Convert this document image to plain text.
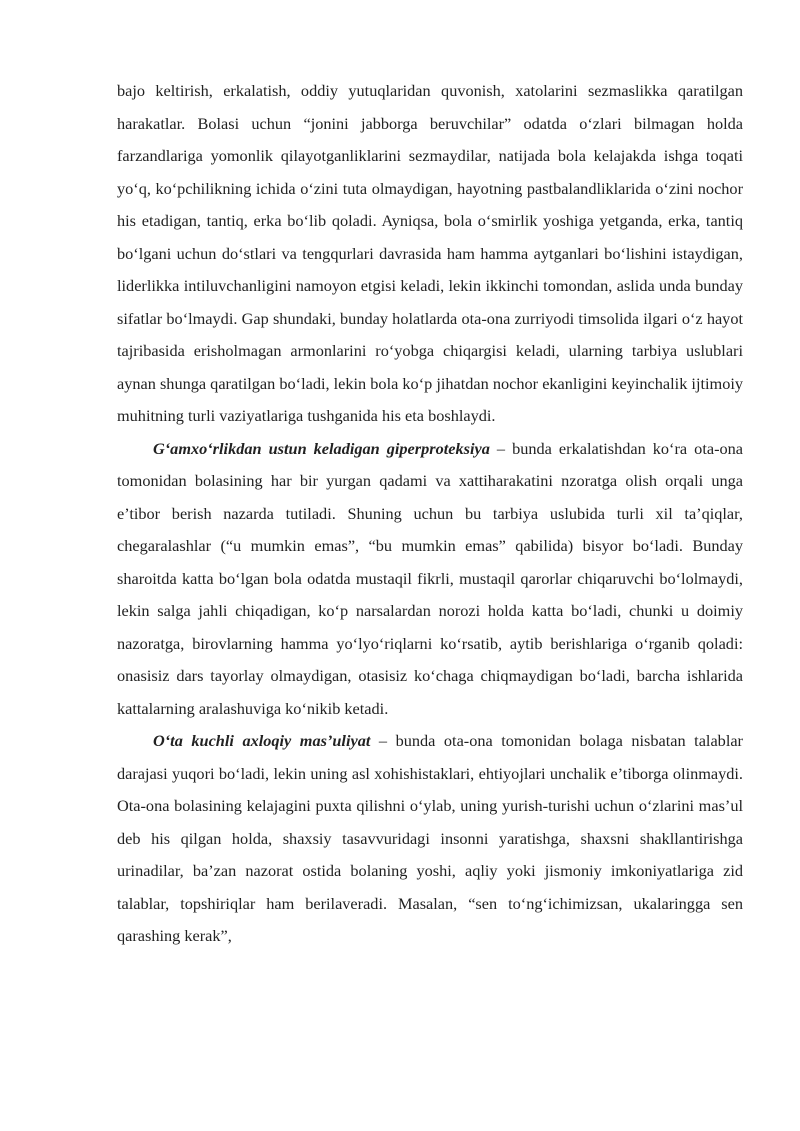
bajo keltirish, erkalatish, oddiy yutuqlaridan quvonish, xatolarini sezmaslikka qaratilgan harakatlar. Bolasi uchun “jonini jabborga beruvchilar” odatda o‘zlari bilmagan holda farzandlariga yomonlik qilayotganliklarini sezmaydilar, natijada bola kelajakda ishga toqati yo‘q, ko‘pchilikning ichida o‘zini tuta olmaydigan, hayotning pastbalandliklarida o‘zini nochor his etadigan, tantiq, erka bo‘lib qoladi. Ayniqsa, bola o‘smirlik yoshiga yetganda, erka, tantiq bo‘lgani uchun do‘stlari va tengqurlari davrasida ham hamma aytganlari bo‘lishini istaydigan, liderlikka intiluvchanligini namoyon etgisi keladi, lekin ikkinchi tomondan, aslida unda bunday sifatlar bo‘lmaydi. Gap shundaki, bunday holatlarda ota-ona zurriyodi timsolida ilgari o‘z hayot tajribasida erisholmagan armonlarini ro‘yobga chiqargisi keladi, ularning tarbiya uslublari aynan shunga qaratilgan bo‘ladi, lekin bola ko‘p jihatdan nochor ekanligini keyinchalik ijtimoiy muhitning turli vaziyatlariga tushganida his eta boshlaydi.

G‘amxo‘rlikdan ustun keladigan giperproteksiya – bunda erkalatishdan ko‘ra ota-ona tomonidan bolasining har bir yurgan qadami va xattiharakatini nzoratga olish orqali unga e’tibor berish nazarda tutiladi. Shuning uchun bu tarbiya uslubida turli xil ta’qiqlar, chegaralashlar (“u mumkin emas”, “bu mumkin emas” qabilida) bisyor bo‘ladi. Bunday sharoitda katta bo‘lgan bola odatda mustaqil fikrli, mustaqil qarorlar chiqaruvchi bo‘lolmaydi, lekin salga jahli chiqadigan, ko‘p narsalardan norozi holda katta bo‘ladi, chunki u doimiy nazoratga, birovlarning hamma yo‘lyo‘riqlarni ko‘rsatib, aytib berishlariga o‘rganib qoladi: onasisiz dars tayorlay olmaydigan, otasisiz ko‘chaga chiqmaydigan bo‘ladi, barcha ishlarida kattalarning aralashuviga ko‘nikib ketadi.

O‘ta kuchli axloqiy mas’uliyat – bunda ota-ona tomonidan bolaga nisbatan talablar darajasi yuqori bo‘ladi, lekin uning asl xohishistaklari, ehtiyojlari unchalik e’tiborga olinmaydi. Ota-ona bolasining kelajagini puxta qilishni o‘ylab, uning yurish-turishi uchun o‘zlarini mas’ul deb his qilgan holda, shaxsiy tasavvuridagi insonni yaratishga, shaxsni shakllantirishga urinadilar, ba’zan nazorat ostida bolaning yoshi, aqliy yoki jismoniy imkoniyatlariga zid talablar, topshiriqlar ham berilaveradi. Masalan, “sen to‘ng‘ichimizsan, ukalaringga sen qarashing kerak”,
